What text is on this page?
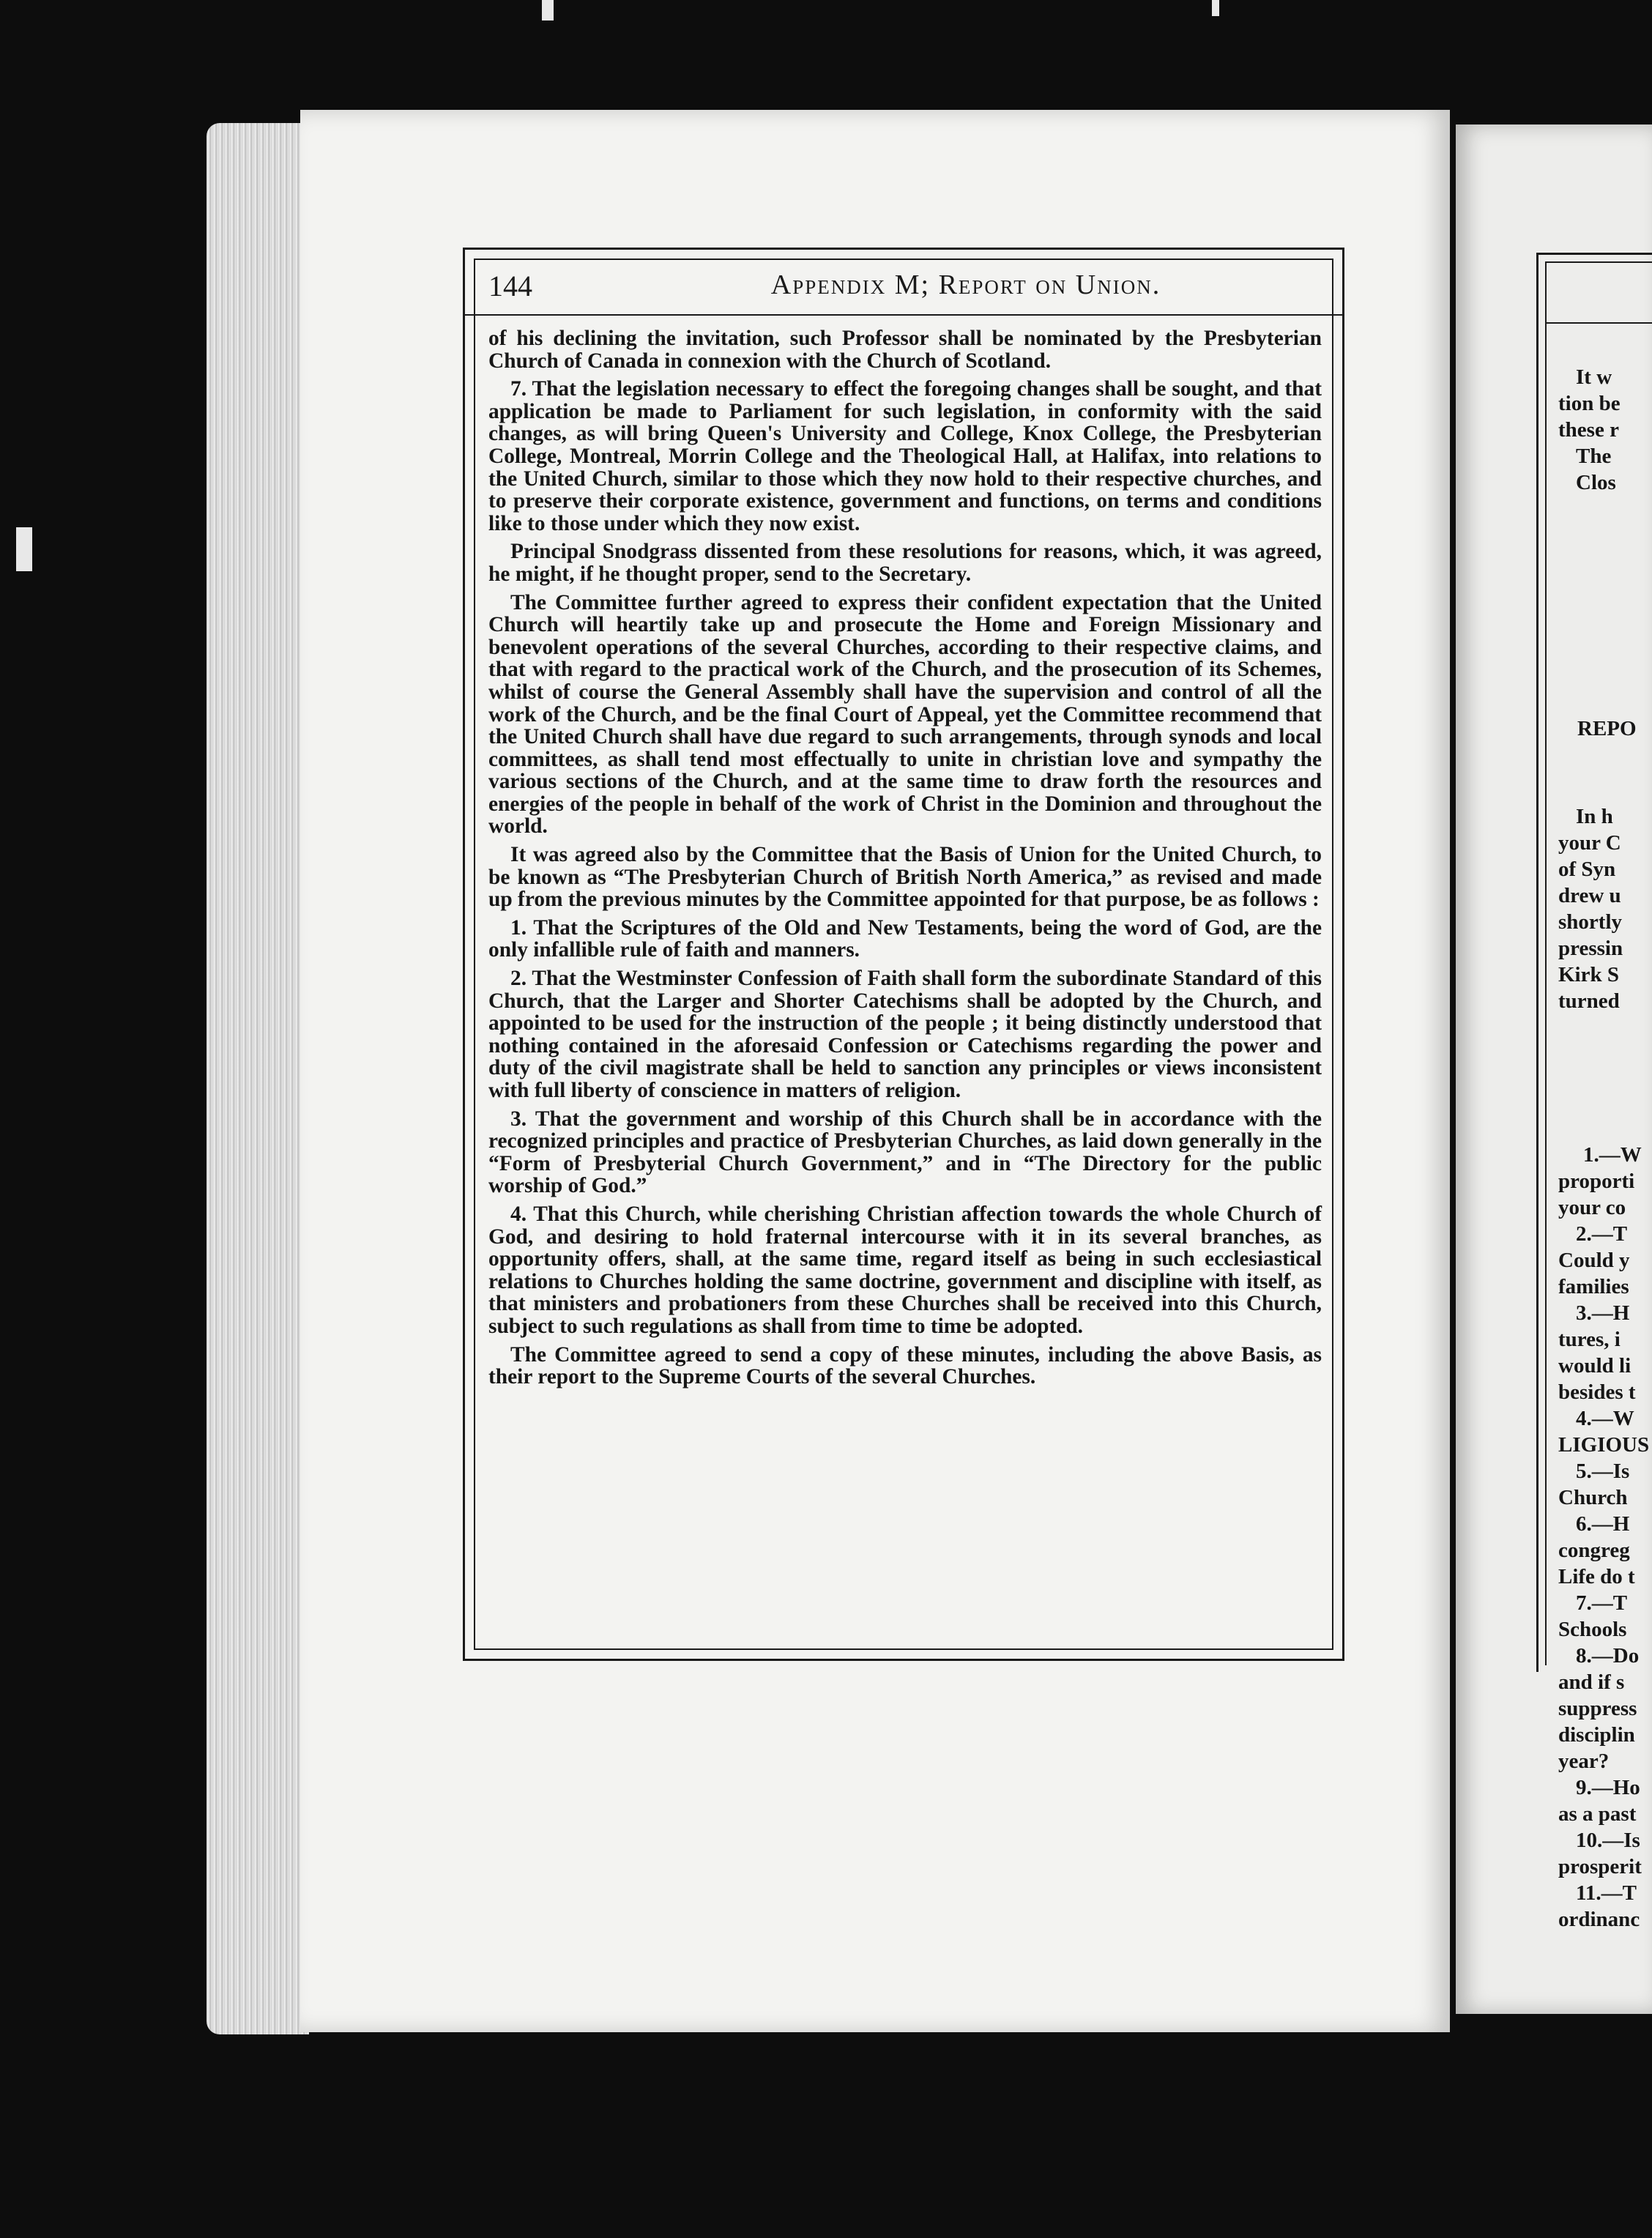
144	Appendix M; Report on Union.

of his declining the invitation, such Professor shall be nominated by the Presbyterian Church of Canada in connexion with the Church of Scotland.

7. That the legislation necessary to effect the foregoing changes shall be sought, and that application be made to Parliament for such legislation, in conformity with the said changes, as will bring Queen's University and College, Knox College, the Presbyterian College, Montreal, Morrin College and the Theological Hall, at Halifax, into relations to the United Church, similar to those which they now hold to their respective churches, and to preserve their corporate existence, government and functions, on terms and conditions like to those under which they now exist.

Principal Snodgrass dissented from these resolutions for reasons, which, it was agreed, he might, if he thought proper, send to the Secretary.

The Committee further agreed to express their confident expectation that the United Church will heartily take up and prosecute the Home and Foreign Missionary and benevolent operations of the several Churches, according to their respective claims, and that with regard to the practical work of the Church, and the prosecution of its Schemes, whilst of course the General Assembly shall have the supervision and control of all the work of the Church, and be the final Court of Appeal, yet the Committee recommend that the United Church shall have due regard to such arrangements, through synods and local committees, as shall tend most effectually to unite in christian love and sympathy the various sections of the Church, and at the same time to draw forth the resources and energies of the people in behalf of the work of Christ in the Dominion and throughout the world.

It was agreed also by the Committee that the Basis of Union for the United Church, to be known as “The Presbyterian Church of British North America,” as revised and made up from the previous minutes by the Committee appointed for that purpose, be as follows :

1. That the Scriptures of the Old and New Testaments, being the word of God, are the only infallible rule of faith and manners.

2. That the Westminster Confession of Faith shall form the subordinate Standard of this Church, that the Larger and Shorter Catechisms shall be adopted by the Church, and appointed to be used for the instruction of the people ; it being distinctly understood that nothing contained in the aforesaid Confession or Catechisms regarding the power and duty of the civil magistrate shall be held to sanction any principles or views inconsistent with full liberty of conscience in matters of religion.

3. That the government and worship of this Church shall be in accordance with the recognized principles and practice of Presbyterian Churches, as laid down generally in the “Form of Presbyterial Church Government,” and in “The Directory for the public worship of God.”

4. That this Church, while cherishing Christian affection towards the whole Church of God, and desiring to hold fraternal intercourse with it in its several branches, as opportunity offers, shall, at the same time, regard itself as being in such ecclesiastical relations to Churches holding the same doctrine, government and discipline with itself, as that ministers and probationers from these Churches shall be received into this Church, subject to such regulations as shall from time to time be adopted.

The Committee agreed to send a copy of these minutes, including the above Basis, as their report to the Supreme Courts of the several Churches.

It w
tion be
these r
The
Clos
REPO
In h
your C
of Syn
drew u
shortly
pressin
Kirk S
turned
1.—W
proporti
your co
2.—T
Could y
families
3.—H
tures, i
would li
besides t
4.—W
LIGIOUS
5.—Is
Church
6.—H
congreg
Life do t
7.—T
Schools
8.—Do
and if s
suppress
disciplin
year?
9.—Ho
as a past
10.—Is
prosperit
11.—T
ordinanc
